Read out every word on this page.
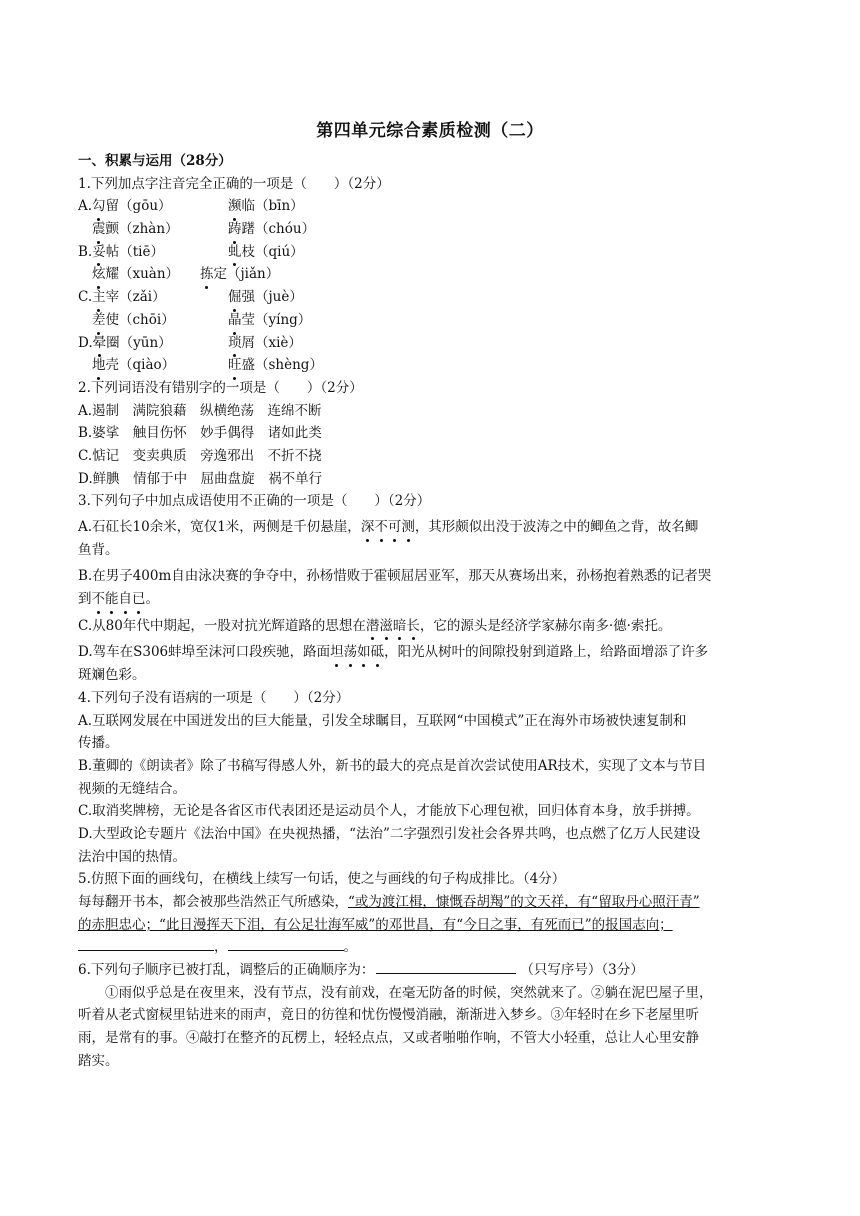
第四单元综合素质检测（二）
一、积累与运用（28分）
1.下列加点字注音完全正确的一项是（　　）（2分）
A.勾留（gōu）	濒临（bīn）
震颤（zhàn）	踌躇（chóu）
B.妥帖（tiē）	虬枝（qiú）
炫耀（xuàn） 拣定（jiǎn）
C.主宰（zǎi）	倔强（juè）
差使（chōi）	晶莹（yíng）
D.晕圈（yūn）	琐屑（xiè）
地壳（qiào）	旺盛（shèng）
2.下列词语没有错别字的一项是（　　）（2分）
A.遏制　满院狼藉　纵横绝荡　连绵不断
B.婆挲　触目伤怀　妙手偶得　诸如此类
C.惦记　变卖典质　旁逸邪出　不折不挠
D.鲜腆　情郁于中　屈曲盘旋　祸不单行
3.下列句子中加点成语使用不正确的一项是（　　）（2分）
A.石矼长10余米，宽仅1米，两侧是千仞悬崖，深不可测，其形颇似出没于波涛之中的鲫鱼之背，故名鲫
鱼背。
B.在男子400m自由泳决赛的争夺中，孙杨惜败于霍顿屈居亚军，那天从赛场出来，孙杨抱着熟悉的记者哭
到不能自已。
C.从80年代中期起，一股对抗光辉道路的思想在潜滋暗长，它的源头是经济学家赫尔南多·德·索托。
D.驾车在S306蚌埠至沫河口段疾驰，路面坦荡如砥，阳光从树叶的间隙投射到道路上，给路面增添了许多
斑斓色彩。
4.下列句子没有语病的一项是（　　）（2分）
A.互联网发展在中国迸发出的巨大能量，引发全球瞩目，互联网“中国模式”正在海外市场被快速复制和
传播。
B.董卿的《朗读者》除了书稿写得感人外，新书的最大的亮点是首次尝试使用AR技术，实现了文本与节目
视频的无缝结合。
C.取消奖牌榜，无论是各省区市代表团还是运动员个人，才能放下心理包袱，回归体育本身，放手拼搏。
D.大型政论专题片《法治中国》在央视热播，“法治”二字强烈引发社会各界共鸣，也点燃了亿万人民建设
法治中国的热情。
5.仿照下面的画线句，在横线上续写一句话，使之与画线的句子构成排比。（4分）
每每翻开书本，都会被那些浩然正气所感染，“或为渡江楫，慷慨吞胡羯”的文天祥，有“留取丹心照汗青”
的赤胆忠心；“此日漫挥天下泪，有公足壮海军威”的邓世昌，有“今日之事，有死而已”的报国志向；
，	。
6.下列句子顺序已被打乱，调整后的正确顺序为：	（只写序号）（3分）
①雨似乎总是在夜里来，没有节点，没有前戏，在毫无防备的时候，突然就来了。②躺在泥巴屋子里，
听着从老式窗棂里钻进来的雨声，竟日的彷徨和忧伤慢慢消融，渐渐进入梦乡。③年轻时在乡下老屋里听
雨，是常有的事。④敲打在整齐的瓦楞上，轻轻点点，又或者啪啪作响，不管大小轻重，总让人心里安静
踏实。
